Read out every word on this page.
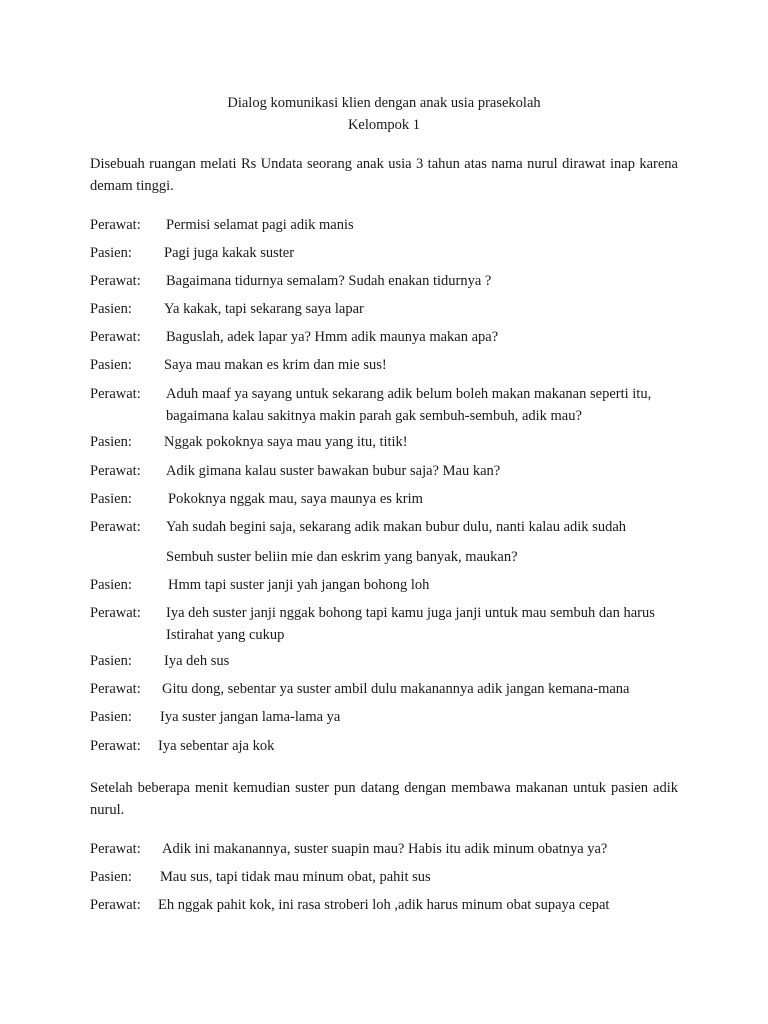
Dialog komunikasi klien dengan anak usia prasekolah
Kelompok 1
Disebuah ruangan melati Rs Undata seorang anak usia 3 tahun atas nama nurul dirawat inap karena demam tinggi.
Perawat: Permisi selamat pagi adik manis
Pasien: Pagi juga kakak suster
Perawat: Bagaimana tidurnya semalam? Sudah enakan tidurnya ?
Pasien: Ya kakak, tapi sekarang saya lapar
Perawat: Baguslah, adek lapar ya? Hmm adik maunya makan apa?
Pasien: Saya mau makan es krim dan mie sus!
Perawat: Aduh maaf ya sayang untuk sekarang adik belum boleh makan makanan seperti itu,
bagaimana kalau sakitnya makin parah gak sembuh-sembuh, adik mau?
Pasien: Nggak pokoknya saya mau yang itu, titik!
Perawat: Adik gimana kalau suster bawakan bubur saja? Mau kan?
Pasien: Pokoknya nggak mau, saya maunya es krim
Perawat: Yah sudah begini saja, sekarang adik makan bubur dulu, nanti kalau adik sudah
Sembuh suster beliin mie dan eskrim yang banyak, maukan?
Pasien: Hmm tapi suster janji yah jangan bohong loh
Perawat: Iya deh suster janji nggak bohong tapi kamu juga janji untuk mau sembuh dan harus
Istirahat yang cukup
Pasien: Iya deh sus
Perawat: Gitu dong, sebentar ya suster ambil dulu makanannya adik jangan kemana-mana
Pasien: Iya suster jangan lama-lama ya
Perawat: Iya sebentar aja kok
Setelah beberapa menit kemudian suster pun datang dengan membawa makanan untuk pasien adik nurul.
Perawat: Adik ini makanannya, suster suapin mau? Habis itu adik minum obatnya ya?
Pasien: Mau sus, tapi tidak mau minum obat, pahit sus
Perawat: Eh nggak pahit kok, ini rasa stroberi loh ,adik harus minum obat supaya cepat
